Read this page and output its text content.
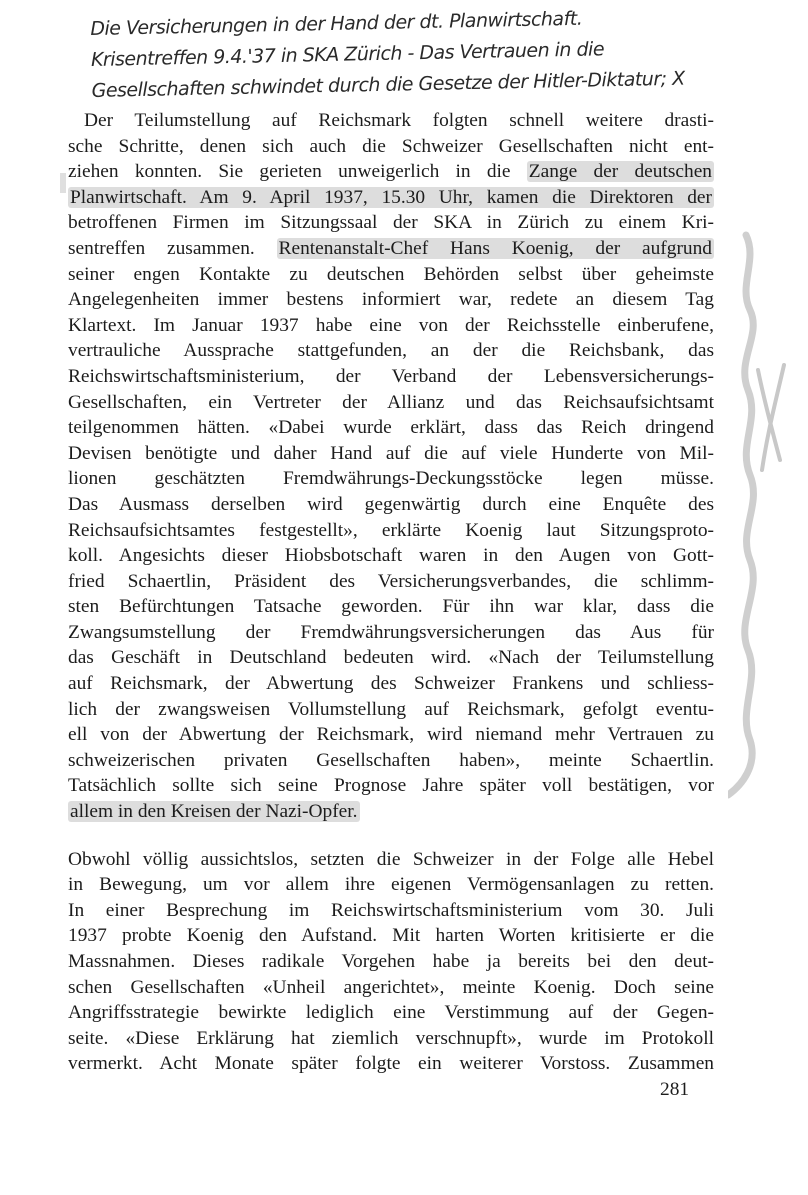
Die Versicherungen in der Hand der dt. Planwirtschaft.
Krisentreffen 9.4.'37 in SKA Zürich - Das Vertrauen in die
Gesellschaften schwindet durch die Gesetze der Hitler-Diktatur; X

Der Teilumstellung auf Reichsmark folgten schnell weitere drasti-
sche Schritte, denen sich auch die Schweizer Gesellschaften nicht ent-
ziehen konnten. Sie gerieten unweigerlich in die Zange der deutschen
Planwirtschaft. Am 9. April 1937, 15.30 Uhr, kamen die Direktoren der
betroffenen Firmen im Sitzungssaal der SKA in Zürich zu einem Kri-
sentreffen zusammen. Rentenanstalt-Chef Hans Koenig, der aufgrund
seiner engen Kontakte zu deutschen Behörden selbst über geheimste
Angelegenheiten immer bestens informiert war, redete an diesem Tag
Klartext. Im Januar 1937 habe eine von der Reichsstelle einberufene,
vertrauliche Aussprache stattgefunden, an der die Reichsbank, das
Reichswirtschaftsministerium, der Verband der Lebensversicherungs-
Gesellschaften, ein Vertreter der Allianz und das Reichsaufsichtsamt
teilgenommen hätten. «Dabei wurde erklärt, dass das Reich dringend
Devisen benötigte und daher Hand auf die auf viele Hunderte von Mil-
lionen geschätzten Fremdwährungs-Deckungsstöcke legen müsse.
Das Ausmass derselben wird gegenwärtig durch eine Enquête des
Reichsaufsichtsamtes festgestellt», erklärte Koenig laut Sitzungsproto-
koll. Angesichts dieser Hiobsbotschaft waren in den Augen von Gott-
fried Schaertlin, Präsident des Versicherungsverbandes, die schlimm-
sten Befürchtungen Tatsache geworden. Für ihn war klar, dass die
Zwangsumstellung der Fremdwährungsversicherungen das Aus für
das Geschäft in Deutschland bedeuten wird. «Nach der Teilumstellung
auf Reichsmark, der Abwertung des Schweizer Frankens und schliess-
lich der zwangsweisen Vollumstellung auf Reichsmark, gefolgt eventu-
ell von der Abwertung der Reichsmark, wird niemand mehr Vertrauen zu
schweizerischen privaten Gesellschaften haben», meinte Schaertlin.
Tatsächlich sollte sich seine Prognose Jahre später voll bestätigen, vor
allem in den Kreisen der Nazi-Opfer.

Obwohl völlig aussichtslos, setzten die Schweizer in der Folge alle Hebel
in Bewegung, um vor allem ihre eigenen Vermögensanlagen zu retten.
In einer Besprechung im Reichswirtschaftsministerium vom 30. Juli
1937 probte Koenig den Aufstand. Mit harten Worten kritisierte er die
Massnahmen. Dieses radikale Vorgehen habe ja bereits bei den deut-
schen Gesellschaften «Unheil angerichtet», meinte Koenig. Doch seine
Angriffsstrategie bewirkte lediglich eine Verstimmung auf der Gegen-
seite. «Diese Erklärung hat ziemlich verschnupft», wurde im Protokoll
vermerkt. Acht Monate später folgte ein weiterer Vorstoss. Zusammen

281
